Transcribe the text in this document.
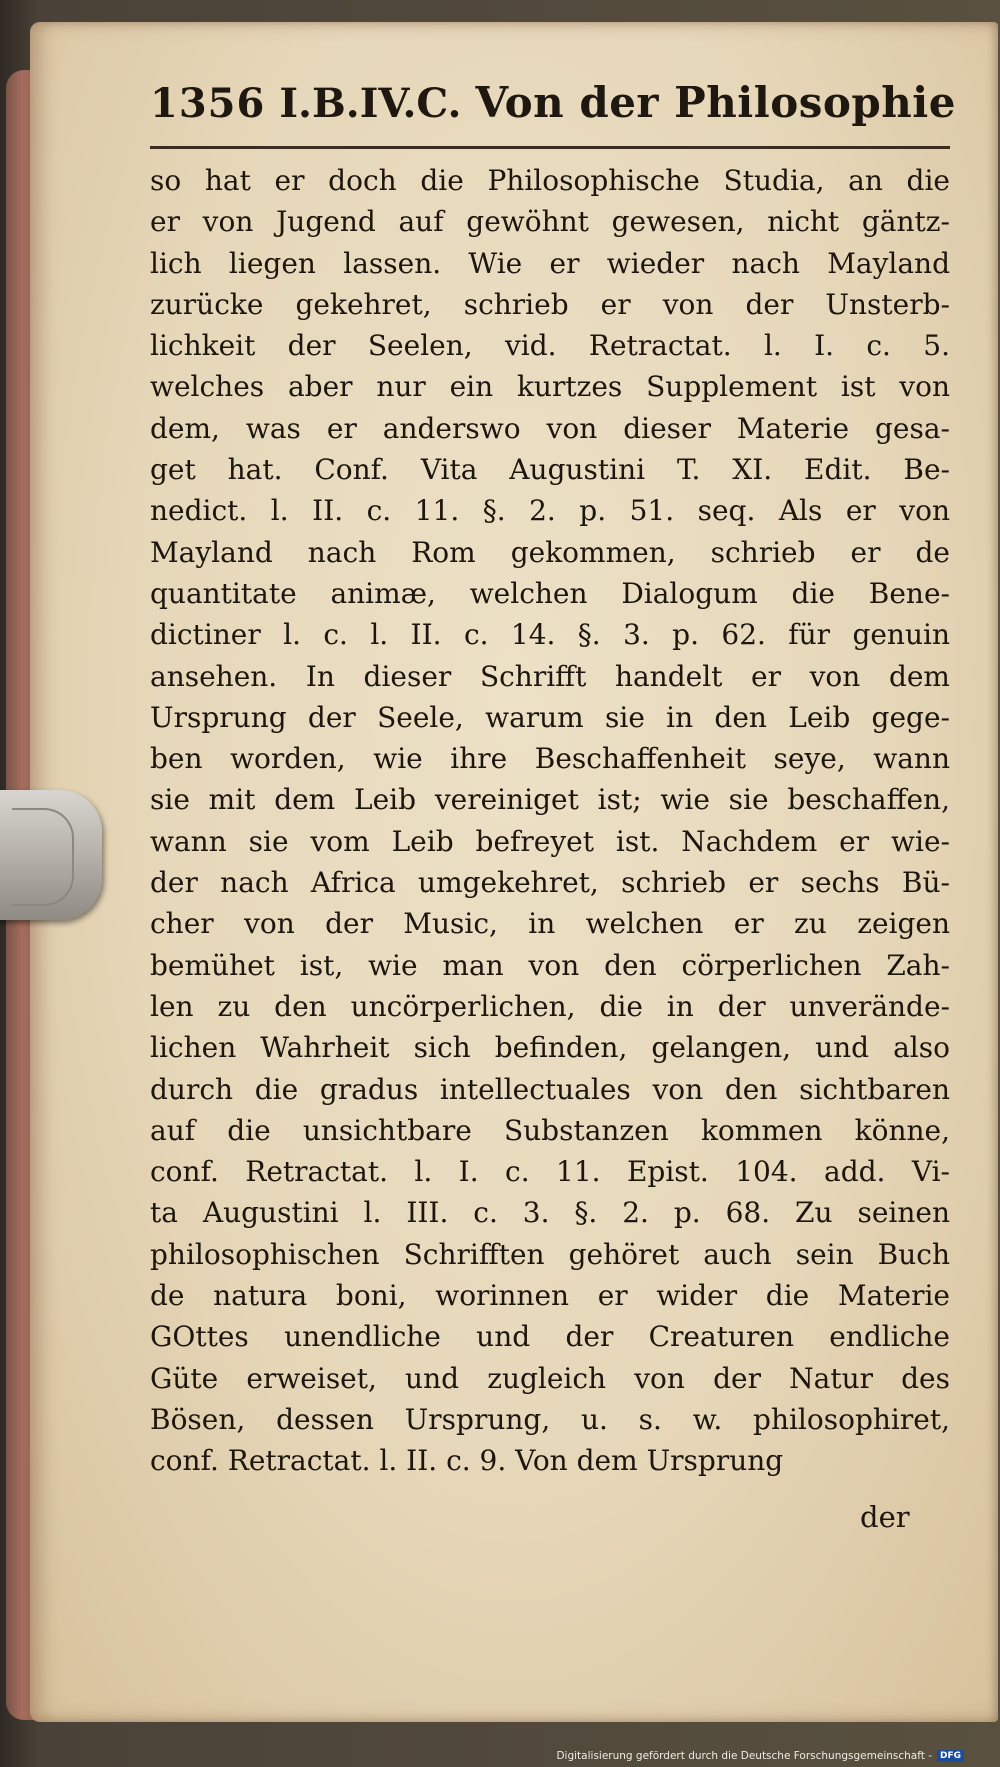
1356 I.B.IV.C. Von der Philosophie
so hat er doch die Philosophische Studia, an die
er von Jugend auf gewöhnt gewesen, nicht gäntz-
lich liegen lassen. Wie er wieder nach Mayland
zurücke gekehret, schrieb er von der Unsterb-
lichkeit der Seelen, vid. Retractat. l. I. c. 5.
welches aber nur ein kurtzes Supplement ist von
dem, was er anderswo von dieser Materie gesa-
get hat. Conf. Vita Augustini T. XI. Edit. Be-
nedict. l. II. c. 11. §. 2. p. 51. seq. Als er von
Mayland nach Rom gekommen, schrieb er de
quantitate animæ, welchen Dialogum die Bene-
dictiner l. c. l. II. c. 14. §. 3. p. 62. für genuin
ansehen. In dieser Schrifft handelt er von dem
Ursprung der Seele, warum sie in den Leib gege-
ben worden, wie ihre Beschaffenheit seye, wann
sie mit dem Leib vereiniget ist; wie sie beschaffen,
wann sie vom Leib befreyet ist. Nachdem er wie-
der nach Africa umgekehret, schrieb er sechs Bü-
cher von der Music, in welchen er zu zeigen
bemühet ist, wie man von den cörperlichen Zah-
len zu den uncörperlichen, die in der unverände-
lichen Wahrheit sich befinden, gelangen, und also
durch die gradus intellectuales von den sichtbaren
auf die unsichtbare Substanzen kommen könne,
conf. Retractat. l. I. c. 11. Epist. 104. add. Vi-
ta Augustini l. III. c. 3. §. 2. p. 68. Zu seinen
philosophischen Schrifften gehöret auch sein Buch
de natura boni, worinnen er wider die Materie
GOttes unendliche und der Creaturen endliche
Güte erweiset, und zugleich von der Natur des
Bösen, dessen Ursprung, u. s. w. philosophiret,
conf. Retractat. l. II. c. 9. Von dem Ursprung
der
Digitalisierung gefördert durch die Deutsche Forschungsgemeinschaft - DFG
